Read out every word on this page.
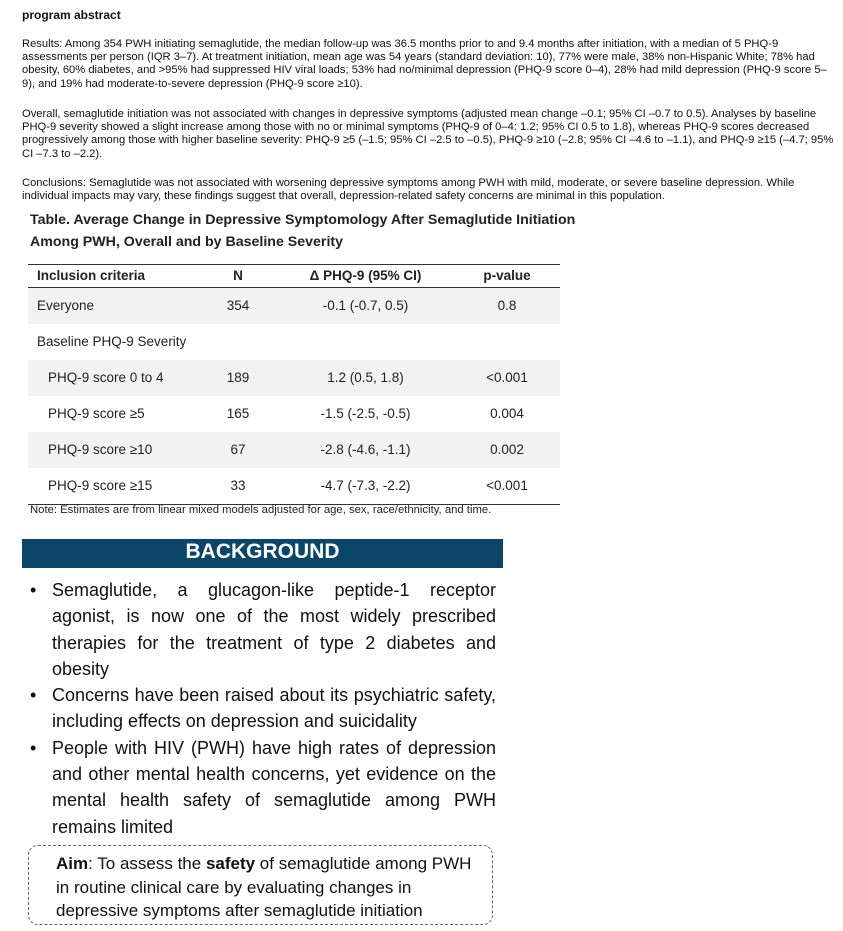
program abstract
Results: Among 354 PWH initiating semaglutide, the median follow-up was 36.5 months prior to and 9.4 months after initiation, with a median of 5 PHQ-9 assessments per person (IQR 3–7). At treatment initiation, mean age was 54 years (standard deviation: 10), 77% were male, 38% non-Hispanic White; 78% had obesity, 60% diabetes, and >95% had suppressed HIV viral loads; 53% had no/minimal depression (PHQ-9 score 0–4), 28% had mild depression (PHQ-9 score 5–9), and 19% had moderate-to-severe depression (PHQ-9 score ≥10).
Overall, semaglutide initiation was not associated with changes in depressive symptoms (adjusted mean change –0.1; 95% CI –0.7 to 0.5). Analyses by baseline PHQ-9 severity showed a slight increase among those with no or minimal symptoms (PHQ-9 of 0–4: 1.2; 95% CI 0.5 to 1.8), whereas PHQ-9 scores decreased progressively among those with higher baseline severity: PHQ-9 ≥5 (–1.5; 95% CI –2.5 to –0.5), PHQ-9 ≥10 (–2.8; 95% CI –4.6 to –1.1), and PHQ-9 ≥15 (–4.7; 95% CI –7.3 to –2.2).
Conclusions: Semaglutide was not associated with worsening depressive symptoms among PWH with mild, moderate, or severe baseline depression. While individual impacts may vary, these findings suggest that overall, depression-related safety concerns are minimal in this population.
Table. Average Change in Depressive Symptomology After Semaglutide Initiation
Among PWH, Overall and by Baseline Severity
Inclusion criteria	N	Δ PHQ-9 (95% CI)	p-value
Everyone	354	-0.1 (-0.7, 0.5)	0.8
Baseline PHQ-9 Severity
PHQ-9 score 0 to 4	189	1.2 (0.5, 1.8)	<0.001
PHQ-9 score ≥5	165	-1.5 (-2.5, -0.5)	0.004
PHQ-9 score ≥10	67	-2.8 (-4.6, -1.1)	0.002
PHQ-9 score ≥15	33	-4.7 (-7.3, -2.2)	<0.001
Note: Estimates are from linear mixed models adjusted for age, sex, race/ethnicity, and time.
BACKGROUND
• Semaglutide, a glucagon-like peptide-1 receptor agonist, is now one of the most widely prescribed therapies for the treatment of type 2 diabetes and obesity
• Concerns have been raised about its psychiatric safety, including effects on depression and suicidality
• People with HIV (PWH) have high rates of depression and other mental health concerns, yet evidence on the mental health safety of semaglutide among PWH remains limited
Aim: To assess the safety of semaglutide among PWH in routine clinical care by evaluating changes in depressive symptoms after semaglutide initiation
